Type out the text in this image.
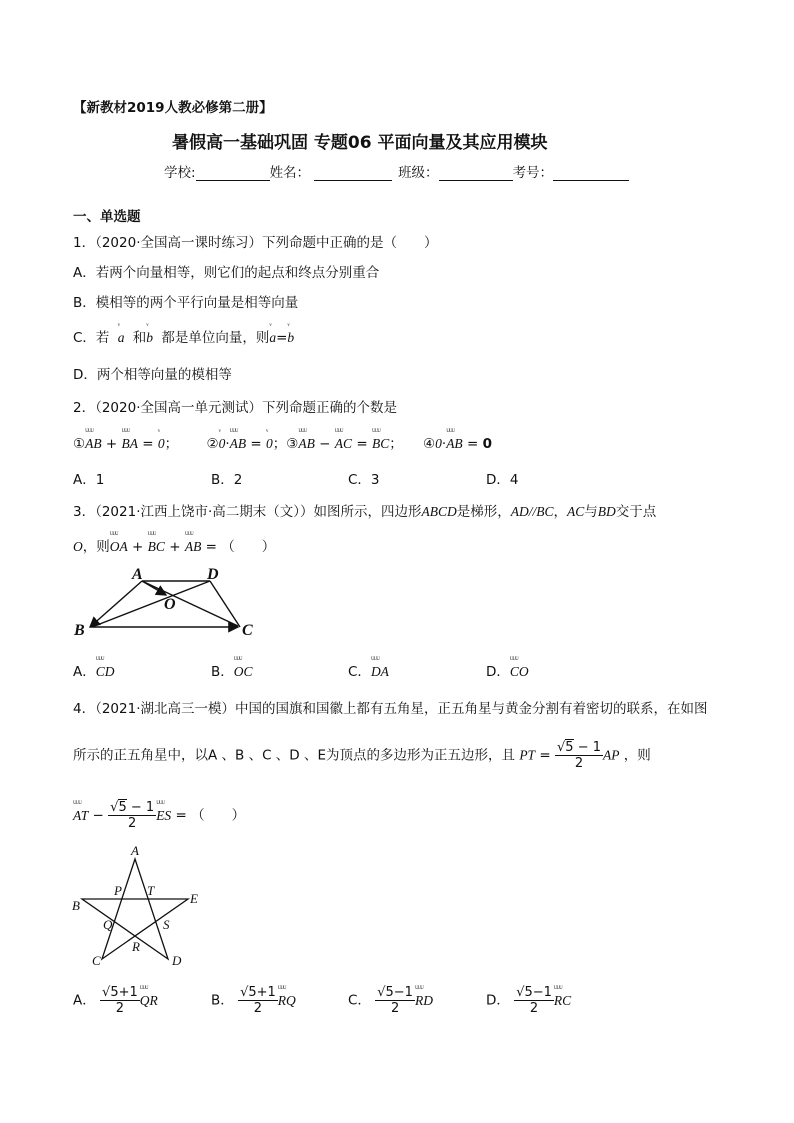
【新教材2019人教必修第二册】
暑假高一基础巩固 专题06 平面向量及其应用模块
学校:	姓名：	班级：	考号：
一、单选题
1．（2020·全国高一课时练习）下列命题中正确的是（　　）
A．若两个向量相等，则它们的起点和终点分别重合
B．模相等的两个平行向量是相等向量
C．若 ᵛ a 和ᵛ b 都是单位向量，则ᵛ a=ᵛ b
D．两个相等向量的模相等
2．（2020·全国高一单元测试）下列命题正确的个数是
①ᵁᵁᵁ AB + ᵁᵁᵁ BA = ᵛ 0； ②ᵛ 0·ᵁᵁᵁ AB = ᵛ 0；③ᵁᵁᵁ AB − ᵁᵁᵁ AC = ᵁᵁᵁ BC； ④0·ᵁᵁᵁ AB = 0
A．1	B．2	C．3	D．4
3．（2021·江西上饶市·高二期末（文））如图所示，四边形ABCD是梯形，AD//BC，AC与BD交于点
O，则ᵁᵁᵁ OA + ᵁᵁᵁ BC + ᵁᵁᵁ AB = （　　）
A	D
O
B	C
A．ᵁᵁᵁ CD	B．ᵁᵁᵁ OC	C．ᵁᵁᵁ DA	D．ᵁᵁᵁ CO
4．（2021·湖北高三一模）中国的国旗和国徽上都有五角星，正五角星与黄金分割有着密切的联系，在如图
所示的正五角星中，以A 、B 、C 、D 、E为顶点的多边形为正五边形，且 PT = $\frac{√5 - 1}{2}$ AP ，则
ᵁᵁᵁ AT − $\frac{√5 - 1}{2}$ ᵁᵁᵁ ES = （　　）
A
P T
E
B
Q	S
R
C	D
A． $\frac{√5+1}{2}$ ᵁᵁᵁ QR	B． $\frac{√5+1}{2}$ ᵁᵁᵁ RQ	C． $\frac{√5-1}{2}$ ᵁᵁᵁ RD	D． $\frac{√5-1}{2}$ ᵁᵁᵁ RC
